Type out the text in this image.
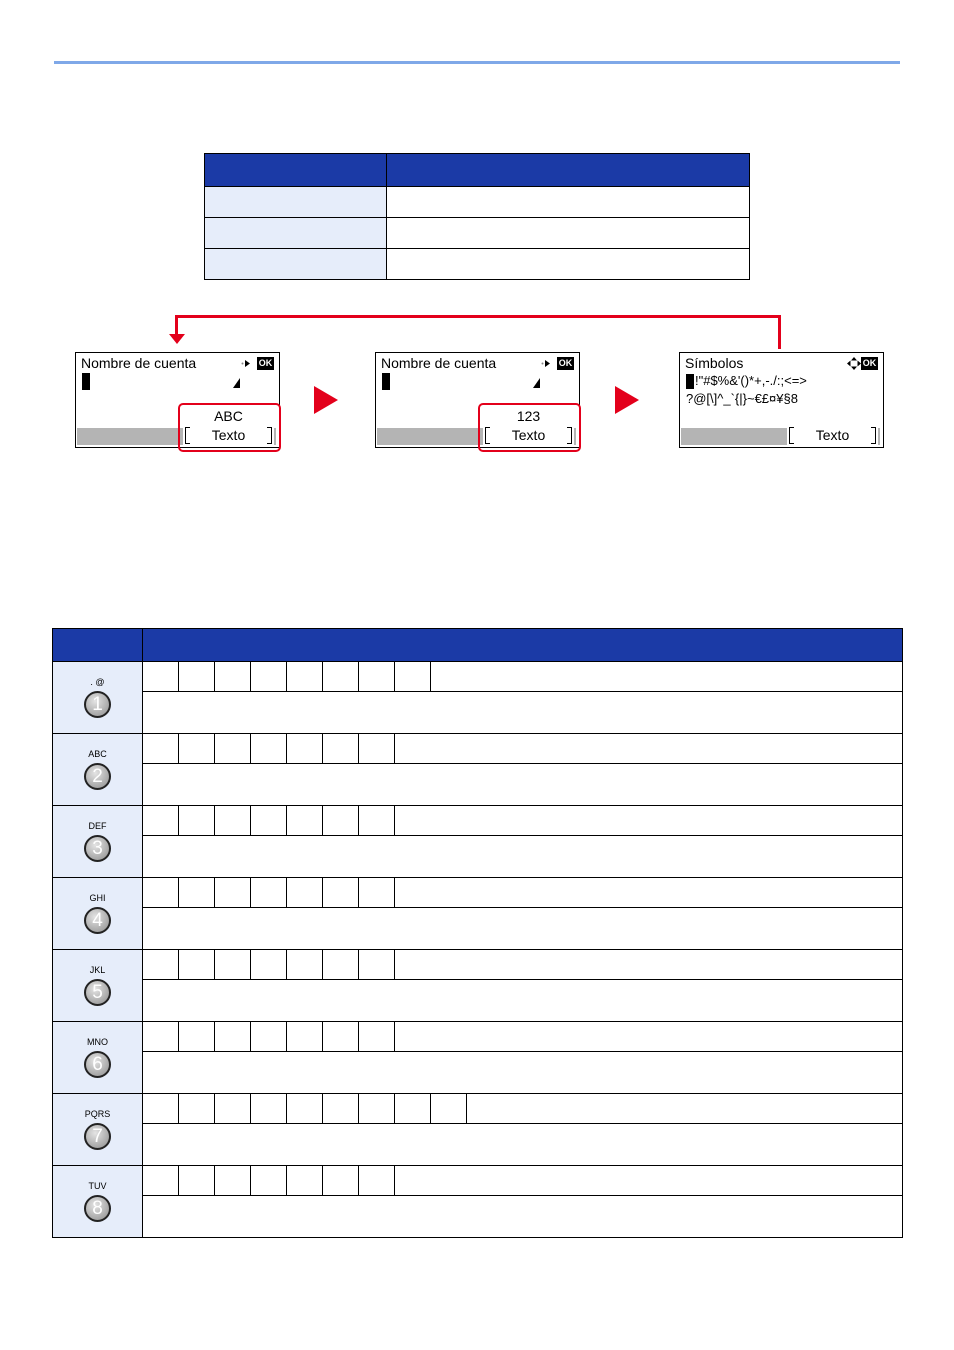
Nombre de cuenta	OK
ABC
Texto
Nombre de cuenta	OK
123
Texto
Símbolos	OK
!"#$%&'()*+,-./:;<=>
?@[\]^_`{|}~€£¤¥§8
Texto

. @
1										

ABC
2										

DEF
3										

GHI
4										

JKL
5										

MNO
6										

PQRS
7										

TUV
8										
